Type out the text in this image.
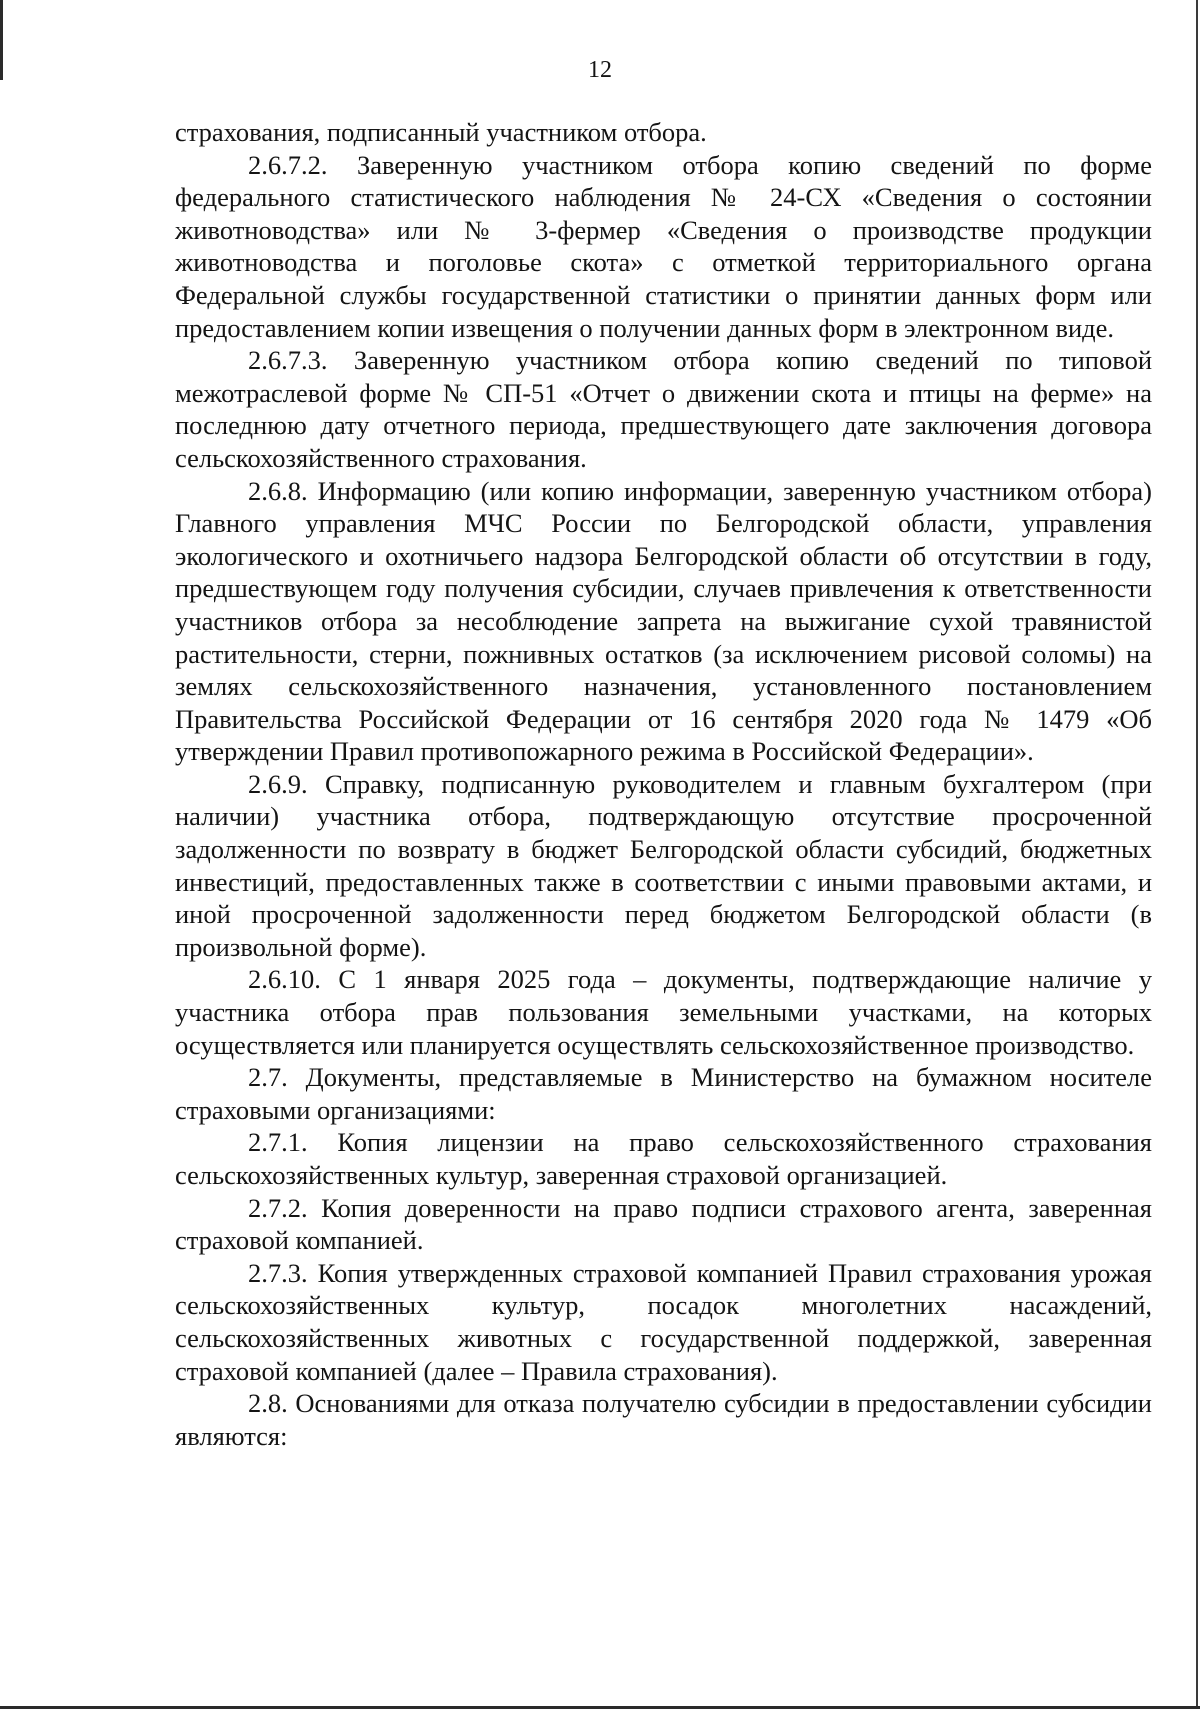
12

страхования, подписанный участником отбора.

2.6.7.2. Заверенную участником отбора копию сведений по форме федерального статистического наблюдения № 24-СХ «Сведения о состоянии животноводства» или № 3-фермер «Сведения о производстве продукции животноводства и поголовье скота» с отметкой территориального органа Федеральной службы государственной статистики о принятии данных форм или предоставлением копии извещения о получении данных форм в электронном виде.

2.6.7.3. Заверенную участником отбора копию сведений по типовой межотраслевой форме № СП-51 «Отчет о движении скота и птицы на ферме» на последнюю дату отчетного периода, предшествующего дате заключения договора сельскохозяйственного страхования.

2.6.8. Информацию (или копию информации, заверенную участником отбора) Главного управления МЧС России по Белгородской области, управления экологического и охотничьего надзора Белгородской области об отсутствии в году, предшествующем году получения субсидии, случаев привлечения к ответственности участников отбора за несоблюдение запрета на выжигание сухой травянистой растительности, стерни, пожнивных остатков (за исключением рисовой соломы) на землях сельскохозяйственного назначения, установленного постановлением Правительства Российской Федерации от 16 сентября 2020 года № 1479 «Об утверждении Правил противопожарного режима в Российской Федерации».

2.6.9. Справку, подписанную руководителем и главным бухгалтером (при наличии) участника отбора, подтверждающую отсутствие просроченной задолженности по возврату в бюджет Белгородской области субсидий, бюджетных инвестиций, предоставленных также в соответствии с иными правовыми актами, и иной просроченной задолженности перед бюджетом Белгородской области (в произвольной форме).

2.6.10. С 1 января 2025 года – документы, подтверждающие наличие у участника отбора прав пользования земельными участками, на которых осуществляется или планируется осуществлять сельскохозяйственное производство.

2.7. Документы, представляемые в Министерство на бумажном носителе страховыми организациями:

2.7.1. Копия лицензии на право сельскохозяйственного страхования сельскохозяйственных культур, заверенная страховой организацией.

2.7.2. Копия доверенности на право подписи страхового агента, заверенная страховой компанией.

2.7.3. Копия утвержденных страховой компанией Правил страхования урожая сельскохозяйственных культур, посадок многолетних насаждений, сельскохозяйственных животных с государственной поддержкой, заверенная страховой компанией (далее – Правила страхования).

2.8. Основаниями для отказа получателю субсидии в предоставлении субсидии являются:
